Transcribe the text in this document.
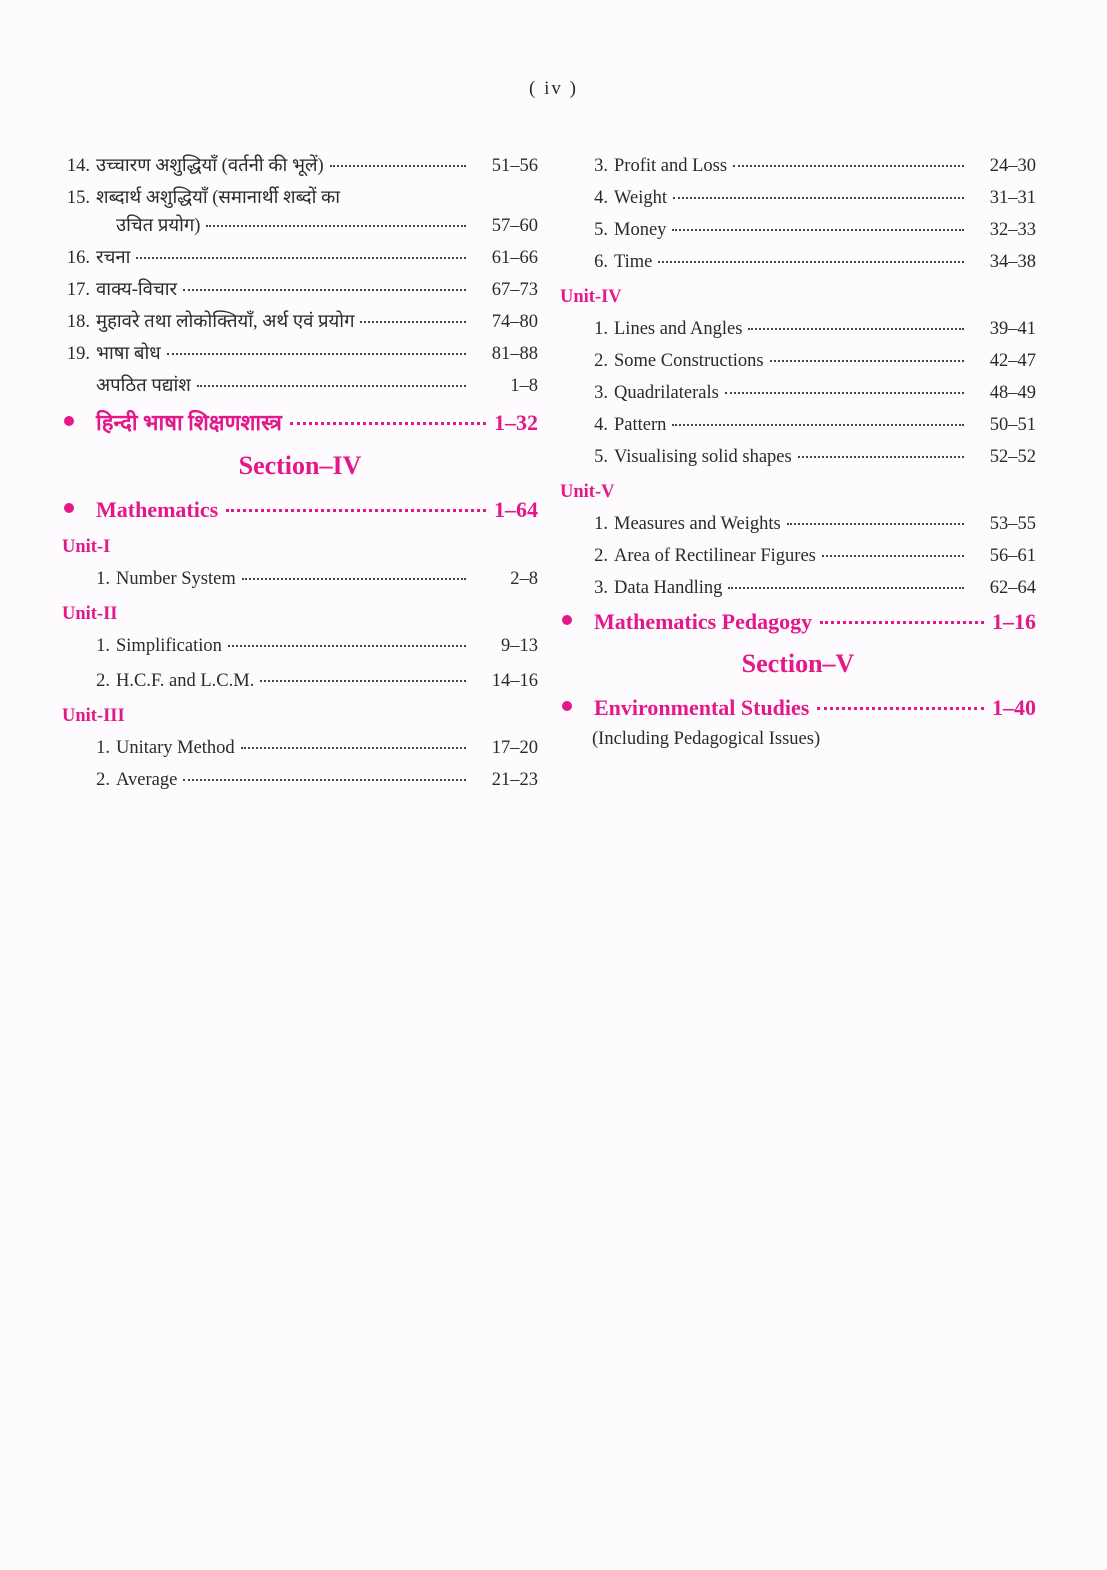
( iv )
14. उच्चारण अशुद्धियाँ (वर्तनी की भूलें)	51–56
15. शब्दार्थ अशुद्धियाँ (समानार्थी शब्दों का
उचित प्रयोग)	57–60
16. रचना	61–66
17. वाक्य-विचार	67–73
18. मुहावरे तथा लोकोक्तियाँ, अर्थ एवं प्रयोग	74–80
19. भाषा बोध	81–88
अपठित पद्यांश	1–8
हिन्दी भाषा शिक्षणशास्त्र	1–32
Section–IV
Mathematics	1–64
Unit-I
1. Number System	2–8
Unit-II
1. Simplification	9–13
2. H.C.F. and L.C.M.	14–16
Unit-III
1. Unitary Method	17–20
2. Average	21–23
3. Profit and Loss	24–30
4. Weight	31–31
5. Money	32–33
6. Time	34–38
Unit-IV
1. Lines and Angles	39–41
2. Some Constructions	42–47
3. Quadrilaterals	48–49
4. Pattern	50–51
5. Visualising solid shapes	52–52
Unit-V
1. Measures and Weights	53–55
2. Area of Rectilinear Figures	56–61
3. Data Handling	62–64
Mathematics Pedagogy	1–16
Section–V
Environmental Studies	1–40
(Including Pedagogical Issues)
